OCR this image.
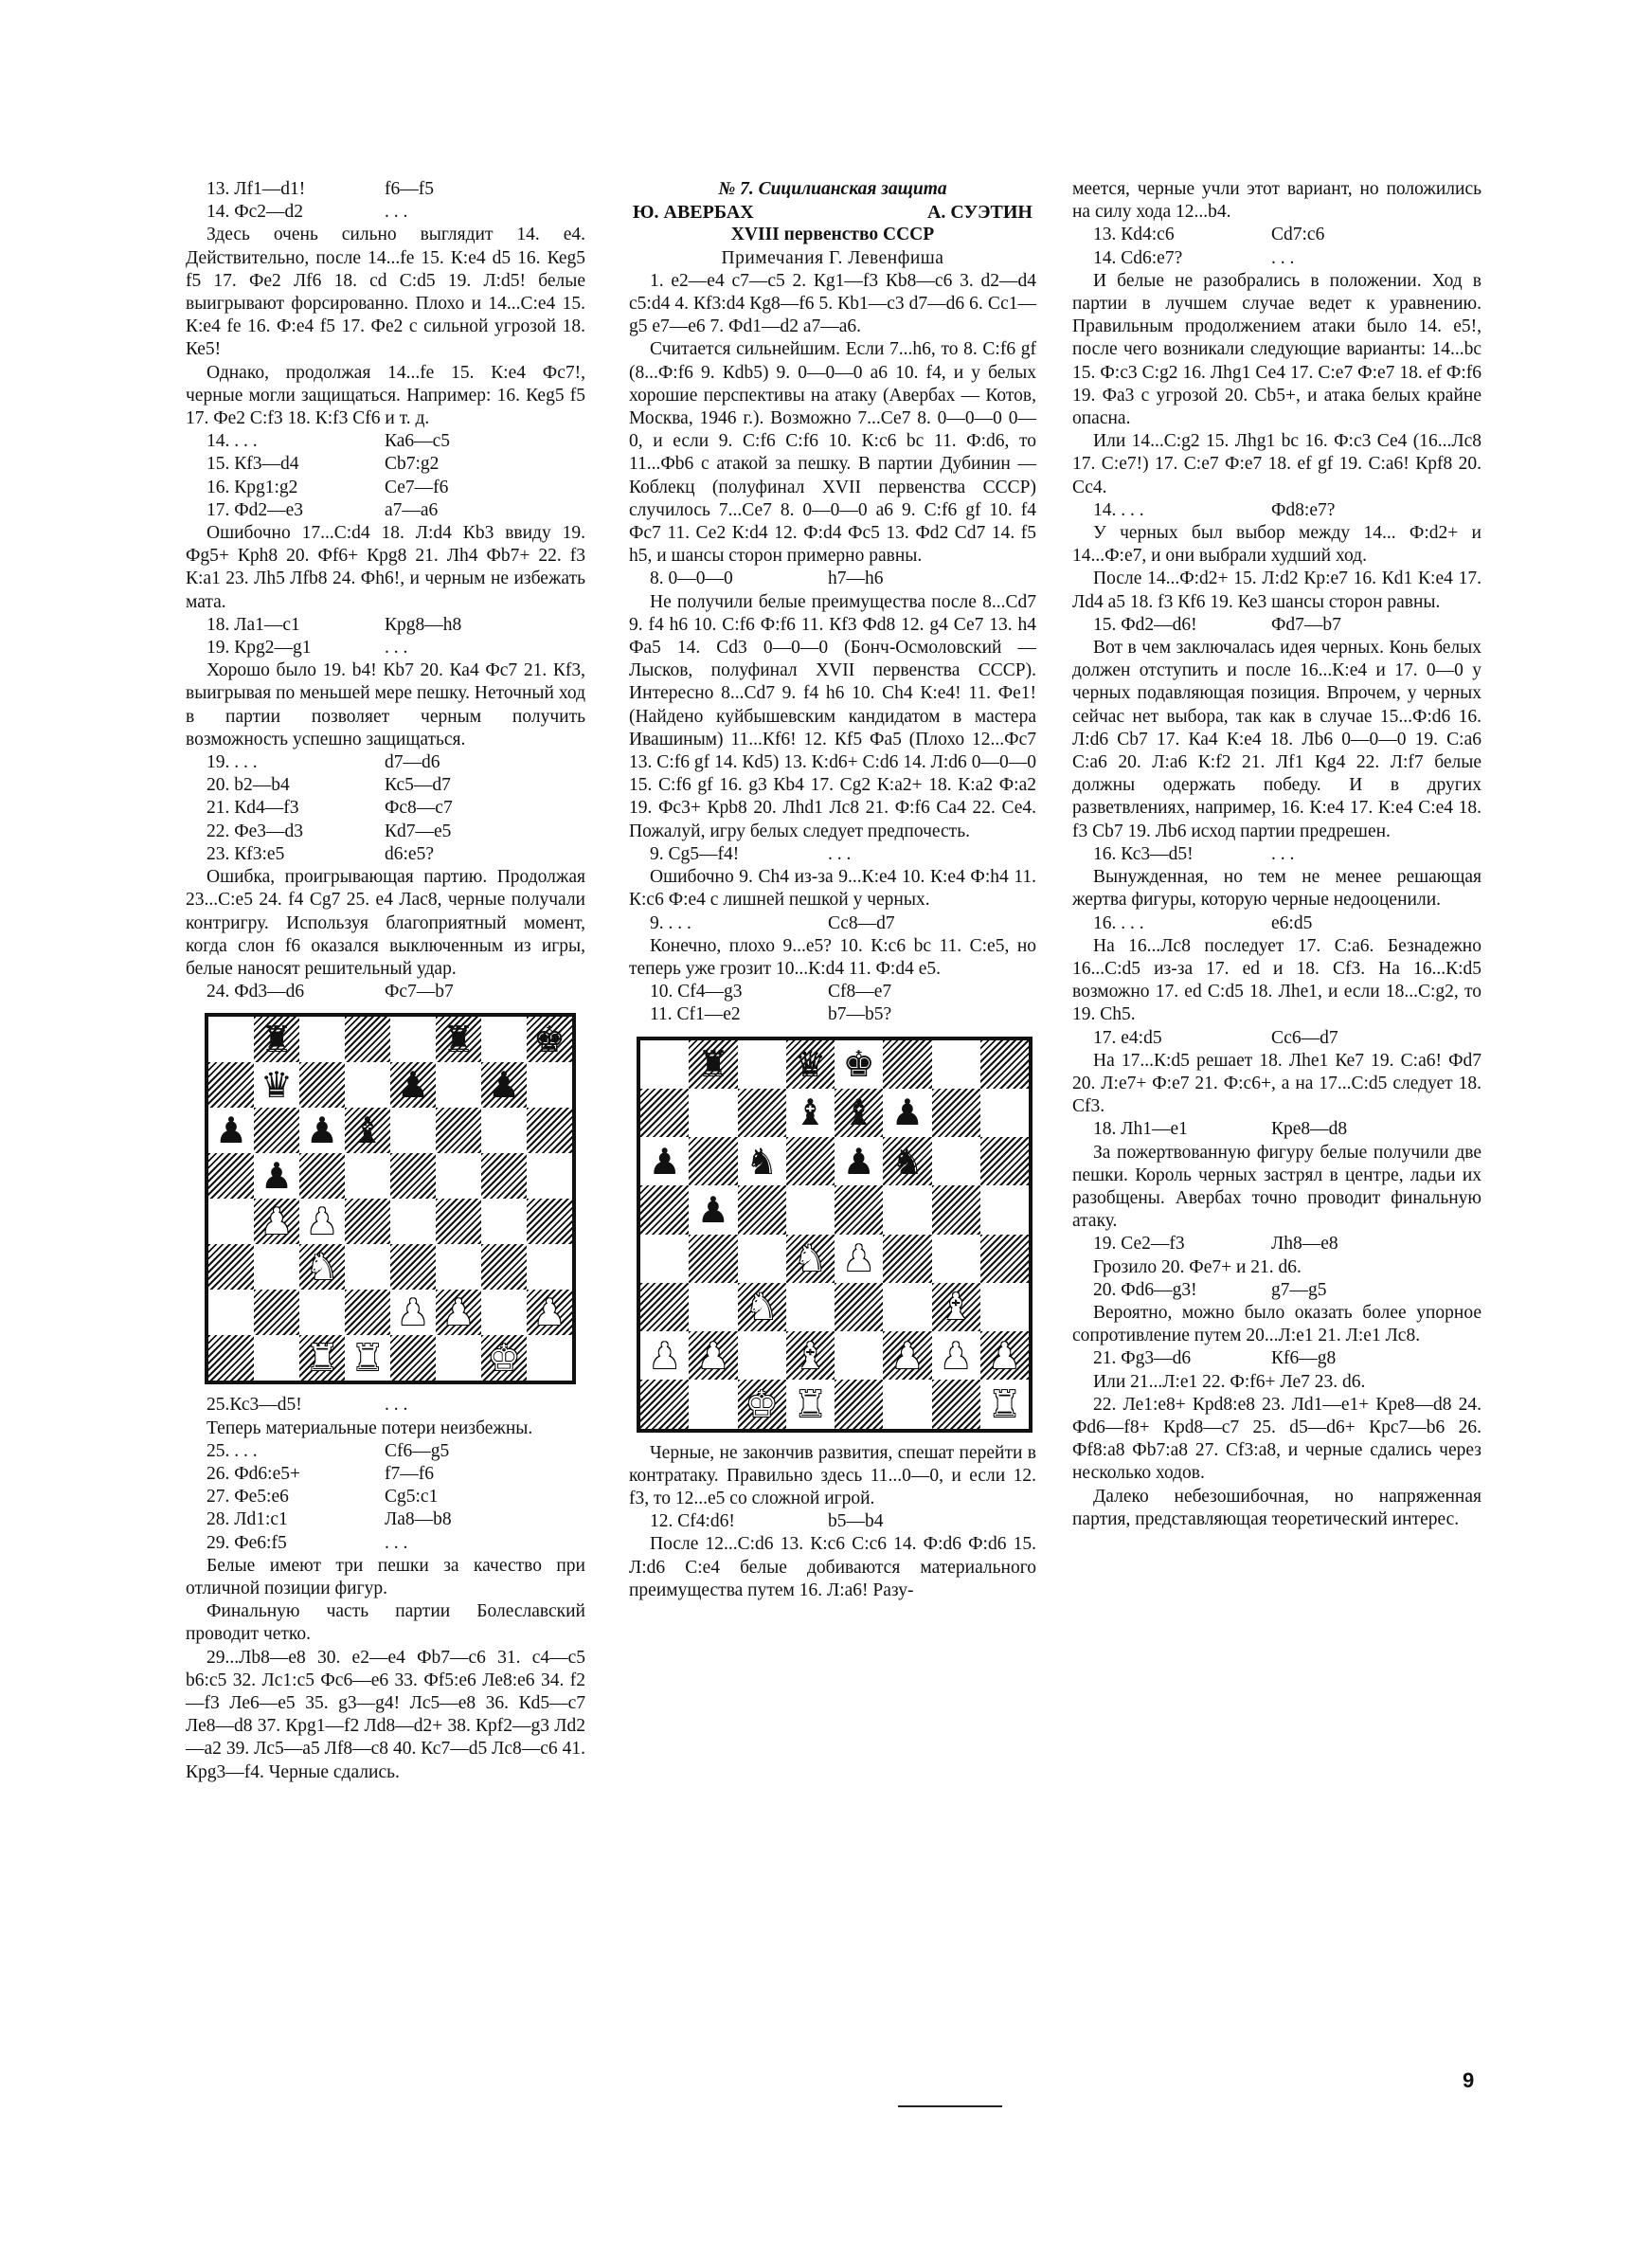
13. Лf1—d1!	f6—f5
14. Фс2—d2	. . .

Здесь очень сильно выглядит 14. е4. Действительно, после 14...fe 15. К:е4 d5 16. Кеg5 f5 17. Фе2 Лf6 18. cd С:d5 19. Л:d5! белые выигрывают форсированно. Плохо и 14...С:е4 15. К:е4 fe 16. Ф:е4 f5 17. Фе2 с сильной угрозой 18. Ке5!

Однако, продолжая 14...fe 15. К:е4 Фс7!, черные могли защищаться. Например: 16. Кеg5 f5 17. Фе2 С:f3 18. К:f3 Сf6 и т. д.

14. . . .	Ка6—с5
15. Кf3—d4	Сb7:g2
16. Крg1:g2	Се7—f6
17. Фd2—е3	а7—а6

Ошибочно 17...С:d4 18. Л:d4 Кb3 ввиду 19. Фg5+ Крh8 20. Фf6+ Крg8 21. Лh4 Фb7+ 22. f3 К:а1 23. Лh5 Лfb8 24. Фh6!, и черным не избежать мата.

18. Ла1—с1	Крg8—h8
19. Крg2—g1	. . .

Хорошо было 19. b4! Кb7 20. Ка4 Фс7 21. Кf3, выигрывая по меньшей мере пешку. Неточный ход в партии позволяет черным получить возможность успешно защищаться.

19. . . .	d7—d6
20. b2—b4	Кс5—d7
21. Кd4—f3	Фс8—с7
22. Фе3—d3	Кd7—е5
23. Кf3:е5	d6:е5?

Ошибка, проигрывающая партию. Продолжая 23...С:е5 24. f4 Сg7 25. е4 Лас8, черные получали контригру. Используя благоприятный момент, когда слон f6 оказался выключенным из игры, белые наносят решительный удар.

24. Фd3—d6	Фс7—b7
♜	♜ ♚
♛	♟ ♟
♟ ♟ ♝
♟
♟ ♟
♞
♟ ♟ ♟
♜ ♜	♚
25.Кс3—d5!	. . .

Теперь материальные потери неизбежны.

25. . . .	Сf6—g5
26. Фd6:е5+	f7—f6
27. Фе5:е6	Сg5:с1
28. Лd1:с1	Ла8—b8
29. Фе6:f5	. . .

Белые имеют три пешки за качество при отличной позиции фигур.

Финальную часть партии Болеславский проводит четко.

29...Лb8—е8 30. е2—е4 Фb7—с6 31. с4—с5 b6:с5 32. Лс1:с5 Фс6—е6 33. Фf5:е6 Ле8:е6 34. f2—f3 Ле6—е5 35. g3—g4! Лс5—е8 36. Кd5—с7 Ле8—d8 37. Крg1—f2 Лd8—d2+ 38. Крf2—g3 Лd2—а2 39. Лс5—а5 Лf8—с8 40. Кс7—d5 Лс8—с6 41. Крg3—f4. Черные сдались.

№ 7. Сицилианская защита

Ю. АВЕРБАХ	А. СУЭТИН

XVIII первенство СССР

Примечания Г. Левенфиша

1. е2—е4 с7—с5 2. Кg1—f3 Кb8—с6 3. d2—d4 с5:d4 4. Кf3:d4 Кg8—f6 5. Кb1—с3 d7—d6 6. Сс1—g5 е7—е6 7. Фd1—d2 а7—а6.

Считается сильнейшим. Если 7...h6, то 8. С:f6 gf (8...Ф:f6 9. Кdb5) 9. 0—0—0 а6 10. f4, и у белых хорошие перспективы на атаку (Авербах — Котов, Москва, 1946 г.). Возможно 7...Се7 8. 0—0—0 0—0, и если 9. С:f6 С:f6 10. К:с6 bc 11. Ф:d6, то 11...Фb6 с атакой за пешку. В партии Дубинин — Коблекц (полуфинал XVII первенства СССР) случилось 7...Се7 8. 0—0—0 а6 9. С:f6 gf 10. f4 Фс7 11. Се2 К:d4 12. Ф:d4 Фс5 13. Фd2 Сd7 14. f5 h5, и шансы сторон примерно равны.

8. 0—0—0	h7—h6

Не получили белые преимущества после 8...Сd7 9. f4 h6 10. С:f6 Ф:f6 11. Кf3 Фd8 12. g4 Се7 13. h4 Фа5 14. Сd3 0—0—0 (Бонч-Осмоловский — Лысков, полуфинал XVII первенства СССР). Интересно 8...Сd7 9. f4 h6 10. Сh4 К:е4! 11. Фе1! (Найдено куйбышевским кандидатом в мастера Ивашиным) 11...Кf6! 12. Кf5 Фа5 (Плохо 12...Фс7 13. С:f6 gf 14. Кd5) 13. К:d6+ С:d6 14. Л:d6 0—0—0 15. С:f6 gf 16. g3 Кb4 17. Сg2 К:а2+ 18. К:а2 Ф:а2 19. Фс3+ Крb8 20. Лhd1 Лс8 21. Ф:f6 Са4 22. Се4. Пожалуй, игру белых следует предпочесть.

9. Сg5—f4!	. . .

Ошибочно 9. Сh4 из-за 9...К:е4 10. К:е4 Ф:h4 11. К:с6 Ф:е4 с лишней пешкой у черных.

9. . . .	Сс8—d7

Конечно, плохо 9...е5? 10. К:с6 bc 11. С:е5, но теперь уже грозит 10...К:d4 11. Ф:d4 е5.

10. Сf4—g3	Сf8—е7
11. Сf1—е2	b7—b5?
♜ ♛ ♚
♝ ♝ ♟
♟ ♞ ♟ ♞
♟
♞ ♟
♞	♝
♟ ♟ ♝ ♟ ♟ ♟
♚ ♜	♜

Черные, не закончив развития, спешат перейти в контратаку. Правильно здесь 11...0—0, и если 12. f3, то 12...е5 со сложной игрой.

12. Сf4:d6!	b5—b4

После 12...С:d6 13. К:с6 С:с6 14. Ф:d6 Ф:d6 15. Л:d6 С:е4 белые добиваются материального преимущества путем 16. Л:а6! Разу-

меется, черные учли этот вариант, но положились на силу хода 12...b4.

13. Кd4:с6	Сd7:с6
14. Сd6:е7?	. . .

И белые не разобрались в положении. Ход в партии в лучшем случае ведет к уравнению. Правильным продолжением атаки было 14. е5!, после чего возникали следующие варианты: 14...bc 15. Ф:с3 С:g2 16. Лhg1 Се4 17. С:е7 Ф:е7 18. ef Ф:f6 19. Фа3 с угрозой 20. Сb5+, и атака белых крайне опасна.

Или 14...С:g2 15. Лhg1 bc 16. Ф:с3 Се4 (16...Лс8 17. С:е7!) 17. С:е7 Ф:е7 18. ef gf 19. С:а6! Крf8 20. Сс4.

14. . . .	Фd8:е7?

У черных был выбор между 14... Ф:d2+ и 14...Ф:е7, и они выбрали худший ход.

После 14...Ф:d2+ 15. Л:d2 Кр:е7 16. Кd1 К:е4 17. Лd4 а5 18. f3 Кf6 19. Ке3 шансы сторон равны.

15. Фd2—d6!	Фd7—b7

Вот в чем заключалась идея черных. Конь белых должен отступить и после 16...К:е4 и 17. 0—0 у черных подавляющая позиция. Впрочем, у черных сейчас нет выбора, так как в случае 15...Ф:d6 16. Л:d6 Сb7 17. Ка4 К:е4 18. Лb6 0—0—0 19. С:а6 С:а6 20. Л:а6 К:f2 21. Лf1 Кg4 22. Л:f7 белые должны одержать победу. И в других разветвлениях, например, 16. К:е4 17. К:е4 С:е4 18. f3 Сb7 19. Лb6 исход партии предрешен.

16. Кс3—d5!	. . .

Вынужденная, но тем не менее решающая жертва фигуры, которую черные недооценили.

16. . . .	е6:d5

На 16...Лс8 последует 17. С:а6. Безнадежно 16...С:d5 из-за 17. ed и 18. Сf3. На 16...К:d5 возможно 17. ed С:d5 18. Лhе1, и если 18...С:g2, то 19. Сh5.

17. е4:d5	Сс6—d7

На 17...К:d5 решает 18. Лhе1 Ке7 19. С:а6! Фd7 20. Л:е7+ Ф:е7 21. Ф:с6+, а на 17...С:d5 следует 18. Сf3.

18. Лh1—е1	Кре8—d8

За пожертвованную фигуру белые получили две пешки. Король черных застрял в центре, ладьи их разобщены. Авербах точно проводит финальную атаку.

19. Се2—f3	Лh8—е8

Грозило 20. Фе7+ и 21. d6.

20. Фd6—g3!	g7—g5

Вероятно, можно было оказать более упорное сопротивление путем 20...Л:е1 21. Л:е1 Лс8.

21. Фg3—d6	Кf6—g8

Или 21...Л:е1 22. Ф:f6+ Ле7 23. d6.

22. Ле1:е8+ Крd8:е8 23. Лd1—е1+ Кре8—d8 24. Фd6—f8+ Крd8—с7 25. d5—d6+ Крс7—b6 26. Фf8:а8 Фb7:а8 27. Сf3:а8, и черные сдались через несколько ходов.

Далеко небезошибочная, но напряженная партия, представляющая теоретический интерес.

9
